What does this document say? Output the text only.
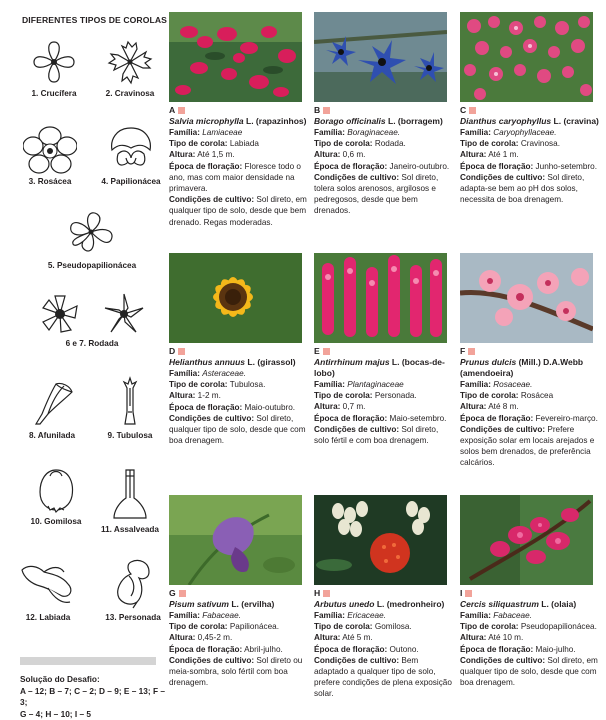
DIFERENTES TIPOS DE COROLAS
1. Crucífera	2. Cravinosa
3. Rosácea	4. Papilionácea
5. Pseudopapilionácea
6 e 7. Rodada
8. Afunilada	9. Tubulosa
10. Gomilosa
11. Assalveada
12. Labiada	13. Personada
Solução do Desafio:
A – 12; B – 7; C – 2; D – 9; E – 13; F – 3;
G – 4; H – 10; I – 5
A
Salvia microphylla L. (rapazinhos)
Família: Lamiaceae
Tipo de corola: Labiada
Altura: Até 1,5 m.
Época de floração: Floresce todo o ano, mas com maior densidade na primavera.
Condições de cultivo: Sol direto, em qualquer tipo de solo, desde que bem drenado. Regas moderadas.
B
Borago officinalis L. (borragem)
Família: Boraginaceae.
Tipo de corola: Rodada.
Altura: 0,6 m.
Época de floração: Janeiro-outubro.
Condições de cultivo: Sol direto, tolera solos arenosos, argilosos e pedregosos, desde que bem drenados.
C
Dianthus caryophyllus L. (cravina)
Família: Caryophyllaceae.
Tipo de corola: Cravinosa.
Altura: Até 1 m.
Época de floração: Junho-setembro.
Condições de cultivo: Sol direto, adapta-se bem ao pH dos solos, necessita de boa drenagem.
D
Helianthus annuus L. (girassol)
Família: Asteraceae.
Tipo de corola: Tubulosa.
Altura: 1-2 m.
Época de floração: Maio-outubro.
Condições de cultivo: Sol direto, qualquer tipo de solo, desde que com boa drenagem.
E
Antirrhinum majus L. (bocas-de-lobo)
Família: Plantaginaceae
Tipo de corola: Personada.
Altura: 0,7 m.
Época de floração: Maio-setembro.
Condições de cultivo: Sol direto, solo fértil e com boa drenagem.
F
Prunus dulcis (Mill.) D.A.Webb (amendoeira)
Família: Rosaceae.
Tipo de corola: Rosácea
Altura: Até 8 m.
Época de floração: Fevereiro-março.
Condições de cultivo: Prefere exposição solar em locais arejados e solos bem drenados, de preferência calcários.
G
Pisum sativum L. (ervilha)
Família: Fabaceae.
Tipo de corola: Papilionácea.
Altura: 0,45-2 m.
Época de floração: Abril-julho.
Condições de cultivo: Sol direto ou meia-sombra, solo fértil com boa drenagem.
H
Arbutus unedo L. (medronheiro)
Família: Ericaceae.
Tipo de corola: Gomilosa.
Altura: Até 5 m.
Época de floração: Outono.
Condições de cultivo: Bem adaptado a qualquer tipo de solo, prefere condições de plena exposição solar.
I
Cercis siliquastrum L. (olaia)
Família: Fabaceae.
Tipo de corola: Pseudopapilionácea.
Altura: Até 10 m.
Época de floração: Maio-julho.
Condições de cultivo: Sol direto, em qualquer tipo de solo, desde que com boa drenagem.
